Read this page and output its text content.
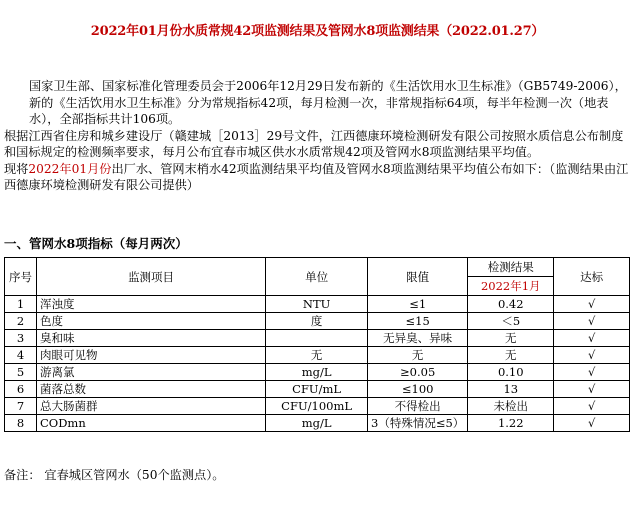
2022年01月份水质常规42项监测结果及管网水8项监测结果（2022.01.27）

国家卫生部、国家标准化管理委员会于2006年12月29日发布新的《生活饮用水卫生标准》（GB5749-2006），新的《生活饮用水卫生标准》分为常规指标42项，每月检测一次，非常规指标64项，每半年检测一次（地表水），全部指标共计106项。

根据江西省住房和城乡建设厅（赣建城［2013］29号文件，江西德康环境检测研发有限公司按照水质信息公布制度和国标规定的检测频率要求，每月公布宜春市城区供水水质常规42项及管网水8项监测结果平均值。

现将2022年01月份出厂水、管网末梢水42项监测结果平均值及管网水8项监测结果平均值公布如下：（监测结果由江西德康环境检测研发有限公司提供）

一、管网水8项指标（每月两次）
序号	监测项目	单位	限值	检测结果	达标
				2022年1月	
1	浑浊度	NTU	≤1	0.42	√
2	色度	度	≤15	＜5	√
3	臭和味		无异臭、异味	无	√
4	肉眼可见物	无	无	无	√
5	游离氯	mg/L	≥0.05	0.10	√
6	菌落总数	CFU/mL	≤100	13	√
7	总大肠菌群	CFU/100mL	不得检出	未检出	√
8	CODmn	mg/L	3（特殊情况≤5）	1.22	√
备注： 宜春城区管网水（50个监测点）。
